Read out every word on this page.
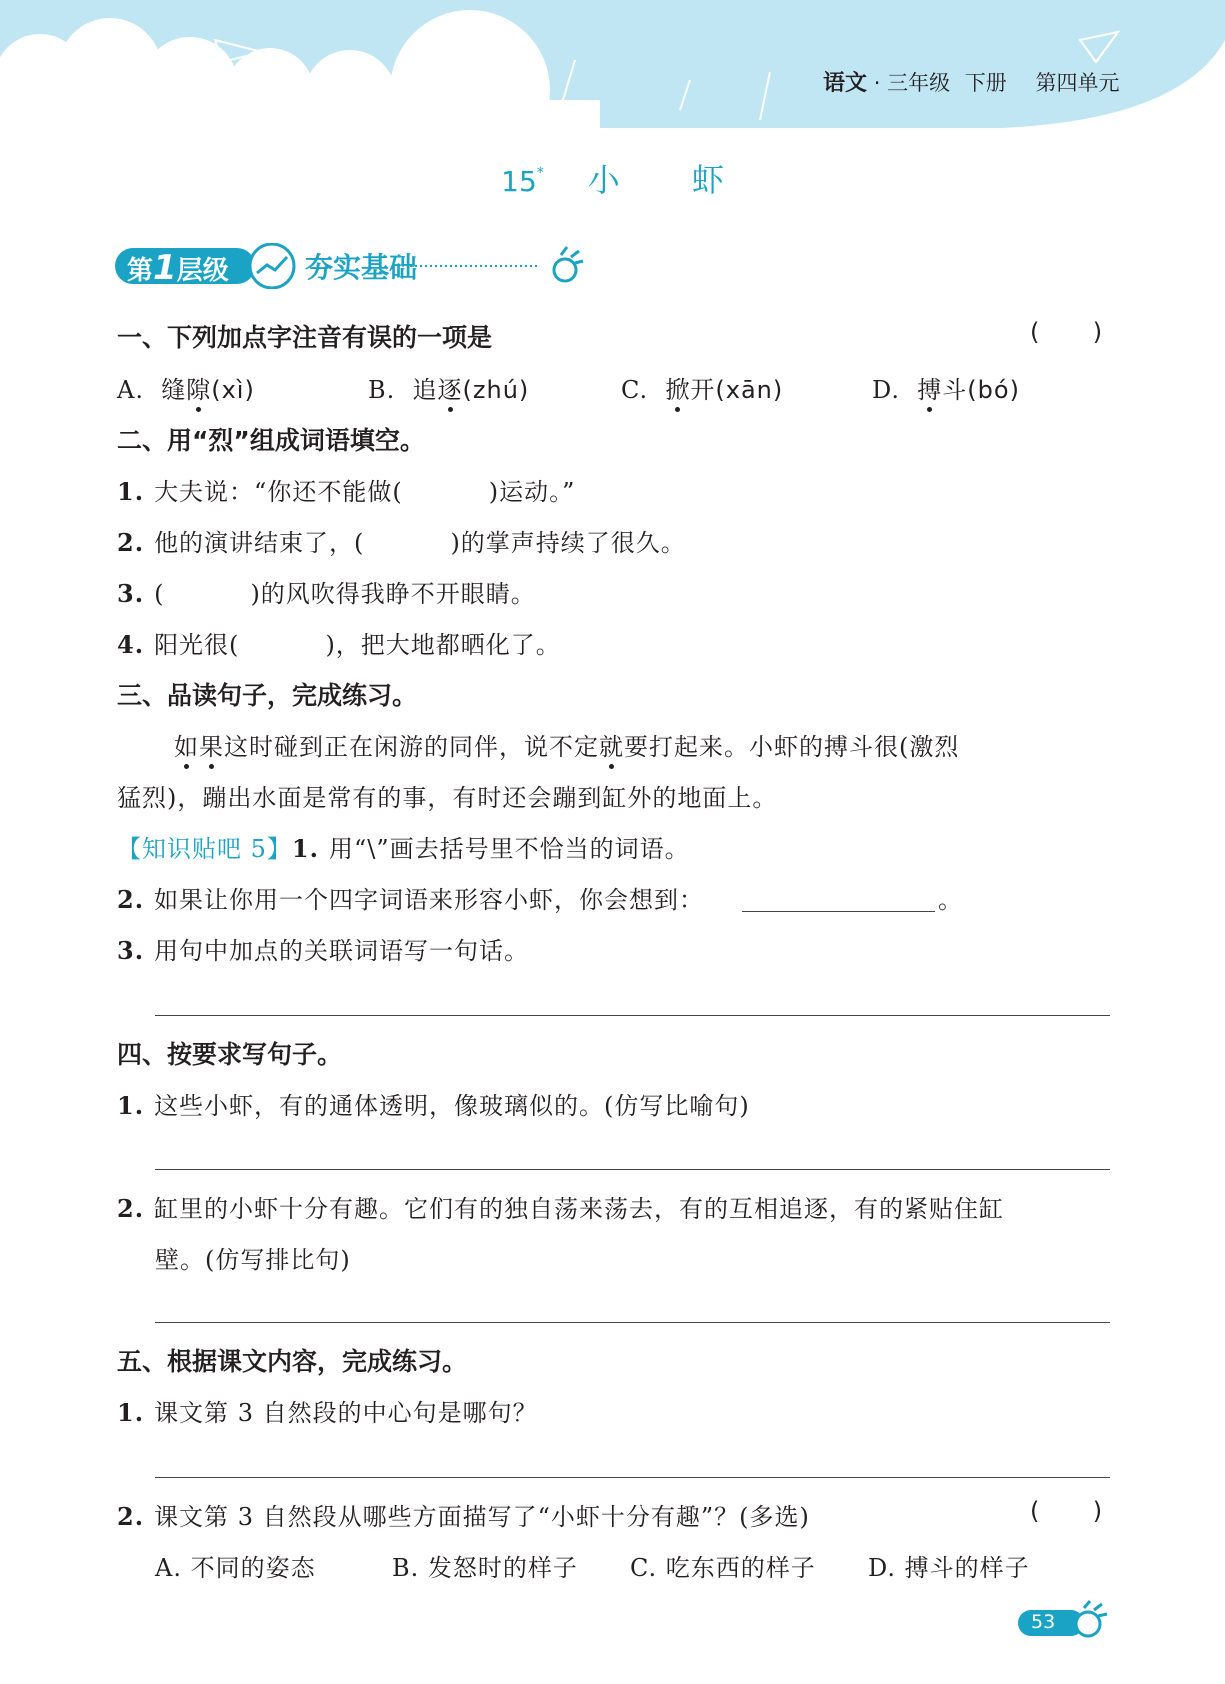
语文 · 三年级 下册 第四单元
15* 小 虾
第1层级	夯实基础
一、下列加点字注音有误的一项是	(       )
A. 缝隙(xì)	B. 追逐(zhú)	C. 掀开(xān)	D. 搏斗(bó)
二、用“烈”组成词语填空。
1. 大夫说：“你还不能做(	)运动。”
2. 他的演讲结束了，(	)的掌声持续了很久。
3. (	)的风吹得我睁不开眼睛。
4. 阳光很(	)，把大地都晒化了。
三、品读句子，完成练习。
如果这时碰到正在闲游的同伴，说不定就要打起来。小虾的搏斗很(激烈
猛烈)，蹦出水面是常有的事，有时还会蹦到缸外的地面上。
【知识贴吧 5】1. 用“\”画去括号里不恰当的词语。
2. 如果让你用一个四字词语来形容小虾，你会想到：	。
3. 用句中加点的关联词语写一句话。
四、按要求写句子。
1. 这些小虾，有的通体透明，像玻璃似的。(仿写比喻句)
2. 缸里的小虾十分有趣。它们有的独自荡来荡去，有的互相追逐，有的紧贴住缸
壁。(仿写排比句)
五、根据课文内容，完成练习。
1. 课文第 3 自然段的中心句是哪句？
2. 课文第 3 自然段从哪些方面描写了“小虾十分有趣”？(多选)	(       )
A. 不同的姿态	B. 发怒时的样子 C. 吃东西的样子 D. 搏斗的样子
53
